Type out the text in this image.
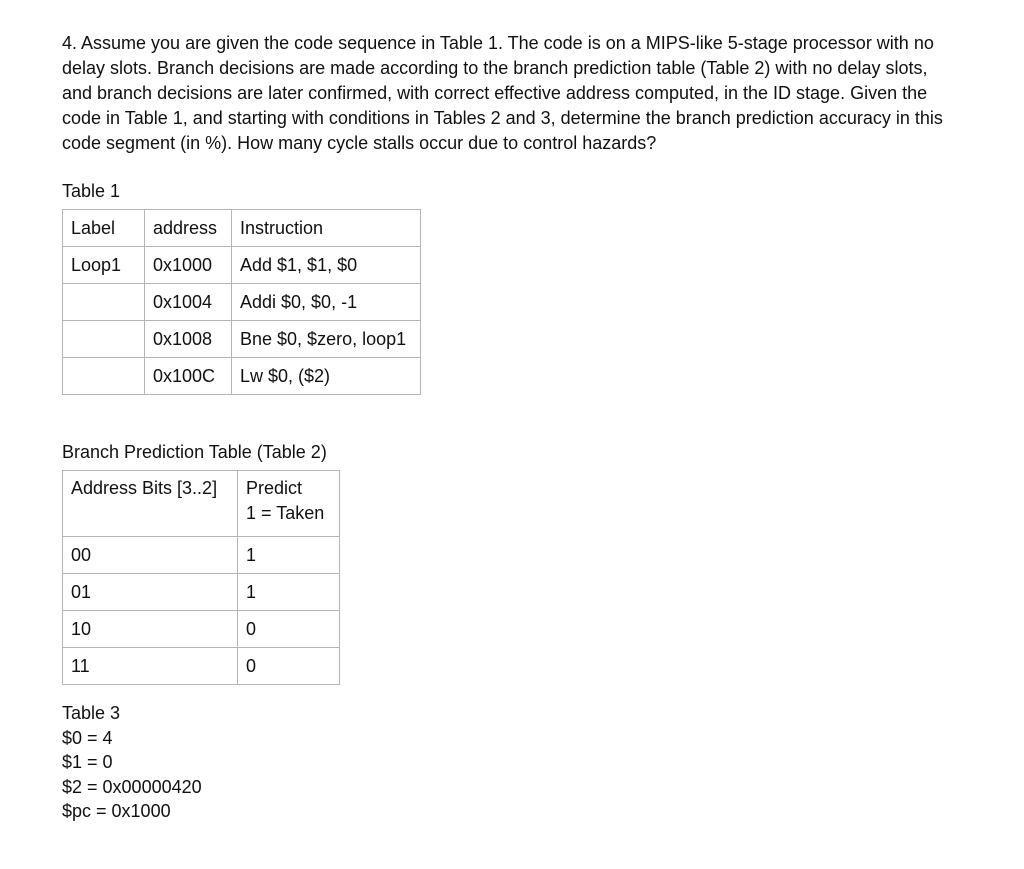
4. Assume you are given the code sequence in Table 1. The code is on a MIPS-like 5-stage processor with no delay slots. Branch decisions are made according to the branch prediction table (Table 2) with no delay slots, and branch decisions are later confirmed, with correct effective address computed, in the ID stage. Given the code in Table 1, and starting with conditions in Tables 2 and 3, determine the branch prediction accuracy in this code segment (in %). How many cycle stalls occur due to control hazards?

Table 1

Label	address	Instruction
Loop1	0x1000	Add $1, $1, $0
	0x1004	Addi $0, $0, -1
	0x1008	Bne $0, $zero, loop1
	0x100C	Lw $0, ($2)

Branch Prediction Table (Table 2)

Address Bits [3..2]	Predict
1 = Taken

00	1
01	1
10	0
11	0
Table 3
$0 = 4
$1 = 0
$2 = 0x00000420
$pc = 0x1000
